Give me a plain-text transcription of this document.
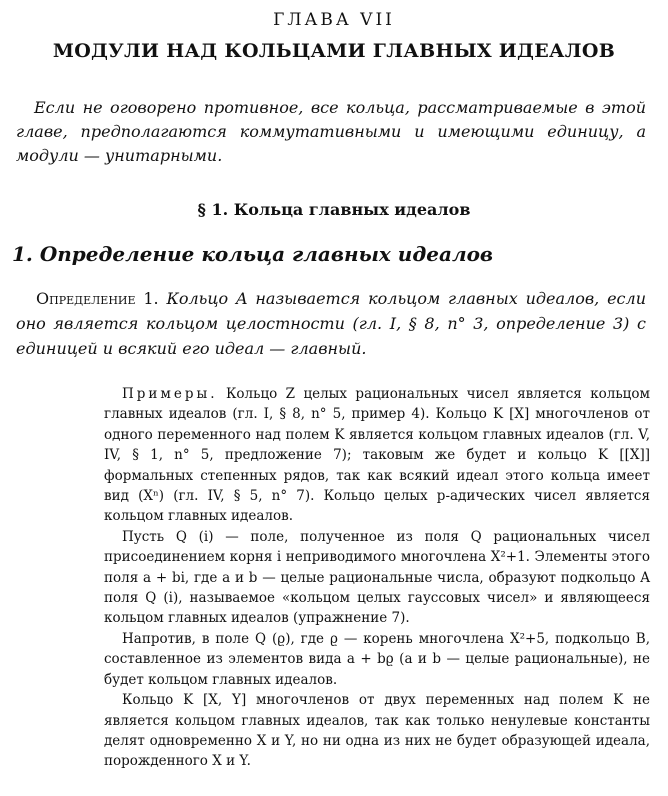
ГЛАВА VII
МОДУЛИ НАД КОЛЬЦАМИ ГЛАВНЫХ ИДЕАЛОВ
Если не оговорено противное, все кольца, рассматриваемые в этой главе, предполагаются коммутативными и имеющими единицу, а модули — унитарными.
§ 1. Кольца главных идеалов
1. Определение кольца главных идеалов
Определение 1. Кольцо A называется кольцом главных идеалов, если оно является кольцом целостности (гл. I, § 8, n° 3, определение 3) с единицей и всякий его идеал — главный.

Примеры. Кольцо Z целых рациональных чисел является кольцом главных идеалов (гл. I, § 8, n° 5, пример 4). Кольцо K [X] многочленов от одного переменного над полем K является кольцом главных идеалов (гл. V, IV, § 1, n° 5, предложение 7); таковым же будет и кольцо K [[X]] формальных степенных рядов, так как всякий идеал этого кольца имеет вид (Xⁿ) (гл. IV, § 5, n° 7). Кольцо целых p-адических чисел является кольцом главных идеалов.

Пусть Q (i) — поле, полученное из поля Q рациональных чисел присоединением корня i неприводимого многочлена X²+1. Элементы этого поля a + bi, где a и b — целые рациональные числа, образуют подкольцо A поля Q (i), называемое «кольцом целых гауссовых чисел» и являющееся кольцом главных идеалов (упражнение 7).

Напротив, в поле Q (ϱ), где ϱ — корень многочлена X²+5, подкольцо B, составленное из элементов вида a + bϱ (a и b — целые рациональные), не будет кольцом главных идеалов.

Кольцо K [X, Y] многочленов от двух переменных над полем K не является кольцом главных идеалов, так как только ненулевые константы делят одновременно X и Y, но ни одна из них не будет образующей идеала, порожденного X и Y.
